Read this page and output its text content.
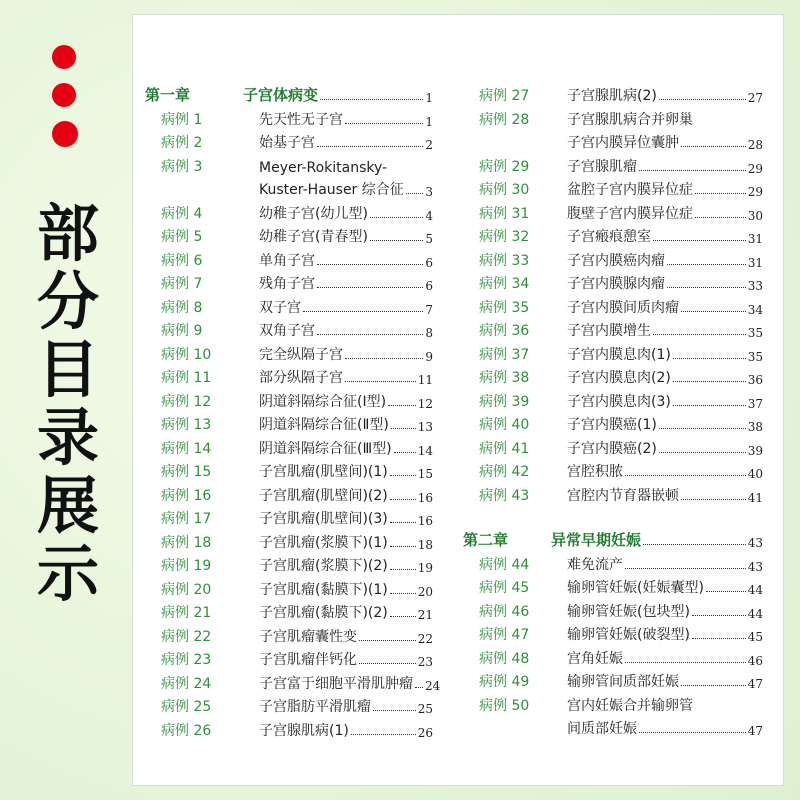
部
分
目
录
展
示
第一章	子宫体病变	1
病例 1	先天性无子宫	1
病例 2	始基子宫	2
病例 3	Meyer-Rokitansky-
Kuster-Hauser 综合征 3
病例 4	幼稚子宫(幼儿型)	4
病例 5	幼稚子宫(青春型)	5
病例 6	单角子宫	6
病例 7	残角子宫	6
病例 8	双子宫	7
病例 9	双角子宫	8
病例 10	完全纵隔子宫	9
病例 11	部分纵隔子宫	11
病例 12	阴道斜隔综合征(Ⅰ型)	12
病例 13	阴道斜隔综合征(Ⅱ型) 13
病例 14	阴道斜隔综合征(Ⅲ型) 14
病例 15	子宫肌瘤(肌壁间)(1) 15
病例 16	子宫肌瘤(肌壁间)(2) 16
病例 17	子宫肌瘤(肌壁间)(3) 16
病例 18	子宫肌瘤(浆膜下)(1) 18
病例 19	子宫肌瘤(浆膜下)(2) 19
病例 20	子宫肌瘤(黏膜下)(1) 20
病例 21	子宫肌瘤(黏膜下)(2) 21
病例 22	子宫肌瘤囊性变	22
病例 23	子宫肌瘤伴钙化	23
病例 24	子宫富于细胞平滑肌肿瘤 24
病例 25	子宫脂肪平滑肌瘤	25
病例 26	子宫腺肌病(1)	26
病例 27	子宫腺肌病(2)	27
病例 28	子宫腺肌病合并卵巢
子宫内膜异位囊肿	28
病例 29	子宫腺肌瘤	29
病例 30	盆腔子宫内膜异位症	29
病例 31	腹壁子宫内膜异位症	30
病例 32	子宫瘢痕憩室	31
病例 33	子宫内膜癌肉瘤	31
病例 34	子宫内膜腺肉瘤	33
病例 35	子宫内膜间质肉瘤	34
病例 36	子宫内膜增生	35
病例 37	子宫内膜息肉(1)	35
病例 38	子宫内膜息肉(2)	36
病例 39	子宫内膜息肉(3)	37
病例 40	子宫内膜癌(1)	38
病例 41	子宫内膜癌(2)	39
病例 42	宫腔积脓	40
病例 43	宫腔内节育器嵌顿	41
第二章	异常早期妊娠	43
病例 44	难免流产	43
病例 45	输卵管妊娠(妊娠囊型)	44
病例 46	输卵管妊娠(包块型)	44
病例 47	输卵管妊娠(破裂型)	45
病例 48	宫角妊娠	46
病例 49	输卵管间质部妊娠	47
病例 50	宫内妊娠合并输卵管
间质部妊娠	47
